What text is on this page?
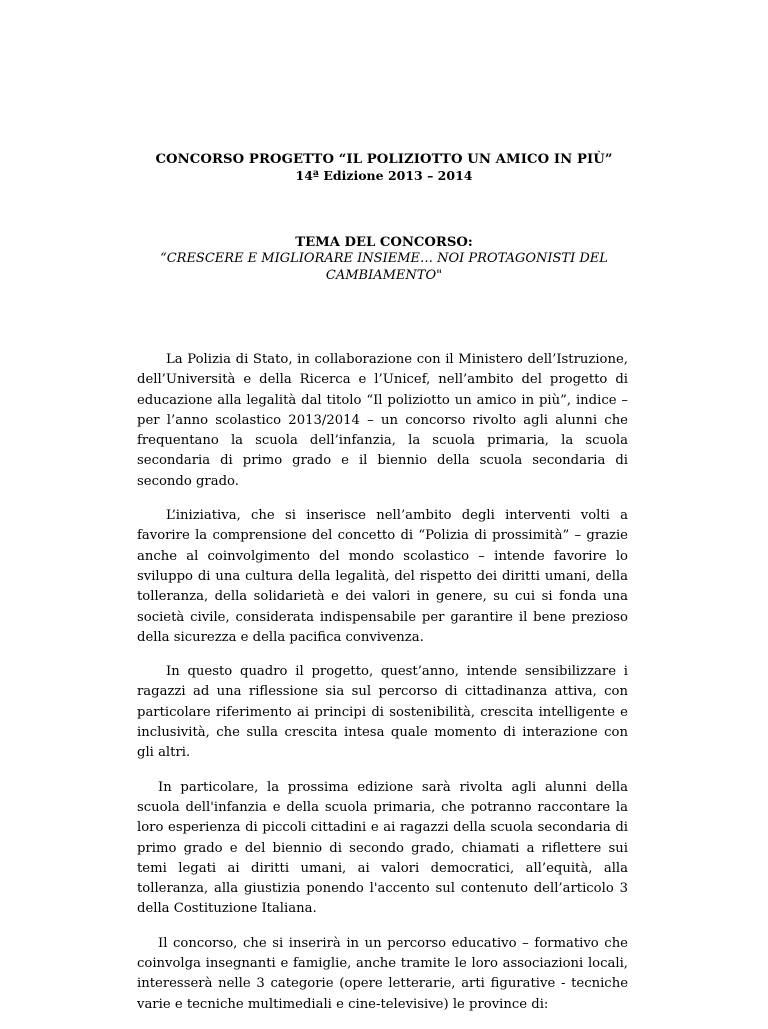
CONCORSO PROGETTO “IL POLIZIOTTO UN AMICO IN PIÙ”
14ª Edizione 2013 – 2014
TEMA DEL CONCORSO:
“CRESCERE E MIGLIORARE INSIEME… NOI PROTAGONISTI DEL CAMBIAMENTO"

La Polizia di Stato, in collaborazione con il Ministero dell’Istruzione, dell’Università e della Ricerca e l’Unicef, nell’ambito del progetto di educazione alla legalità dal titolo “Il poliziotto un amico in più”, indice – per l’anno scolastico 2013/2014 – un concorso rivolto agli alunni che frequentano la scuola dell’infanzia, la scuola primaria, la scuola secondaria di primo grado e il biennio della scuola secondaria di secondo grado.

L’iniziativa, che si inserisce nell’ambito degli interventi volti a favorire la comprensione del concetto di “Polizia di prossimità” – grazie anche al coinvolgimento del mondo scolastico – intende favorire lo sviluppo di una cultura della legalità, del rispetto dei diritti umani, della tolleranza, della solidarietà e dei valori in genere, su cui si fonda una società civile, considerata indispensabile per garantire il bene prezioso della sicurezza e della pacifica convivenza.

In questo quadro il progetto, quest’anno, intende sensibilizzare i ragazzi ad una riflessione sia sul percorso di cittadinanza attiva, con particolare riferimento ai principi di sostenibilità, crescita intelligente e inclusività, che sulla crescita intesa quale momento di interazione con gli altri.

In particolare, la prossima edizione sarà rivolta agli alunni della scuola dell'infanzia e della scuola primaria, che potranno raccontare la loro esperienza di piccoli cittadini e ai ragazzi della scuola secondaria di primo grado e del biennio di secondo grado, chiamati a riflettere sui temi legati ai diritti umani, ai valori democratici, all’equità, alla tolleranza, alla giustizia ponendo l'accento sul contenuto dell’articolo 3 della Costituzione Italiana.

Il concorso, che si inserirà in un percorso educativo – formativo che coinvolga insegnanti e famiglie, anche tramite le loro associazioni locali, interesserà nelle 3 categorie (opere letterarie, arti figurative - tecniche varie e tecniche multimediali e cine-televisive) le province di:
